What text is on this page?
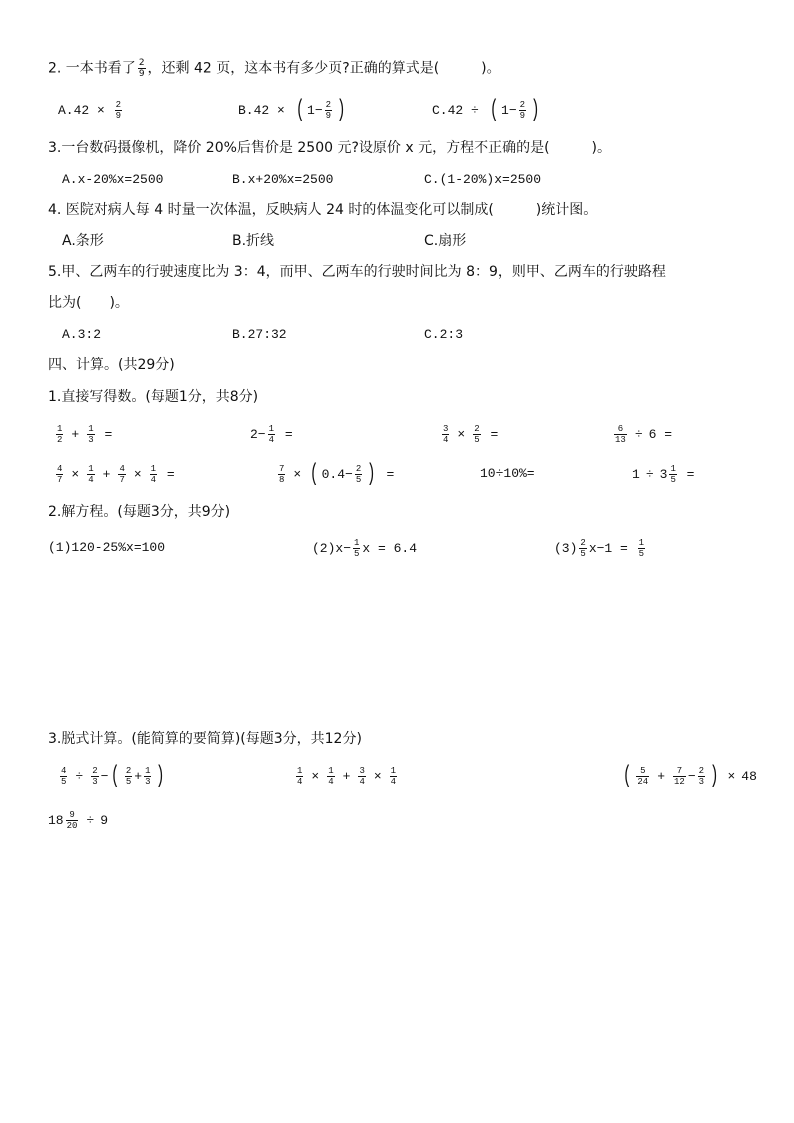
2. 一本书看了 $\frac{2}{9}$ ，还剩 42 页，这本书有多少页?正确的算式是(　　　)。
$A.42 \times \frac{2}{9}$	B.42 × ( $1- \frac{2}{9}$ )	C.42 ÷ ( $1- \frac{2}{9}$ )
3.一台数码摄像机，降价 20%后售价是 2500 元?设原价 x 元，方程不正确的是(　　　)。
A.x-20%x=2500	B.x+20%x=2500	C.(1-20%)x=2500
4. 医院对病人每 4 时量一次体温，反映病人 24 时的体温变化可以制成(　　　)统计图。
A.条形	B.折线	C.扇形
5.甲、乙两车的行驶速度比为 3：4，而甲、乙两车的行驶时间比为 8：9，则甲、乙两车的行驶路程
比为(　　)。
A.3:2	B.27:32	C.2:3
四、计算。(共29分)
1.直接写得数。(每题1分，共8分)
$\frac{1}{2} + \frac{1}{3}$ =	$2- \frac{1}{4}$ =	$\frac{3}{4} \times \frac{2}{5}$ =	$\frac{6}{13} \div 6$ =
$\frac{4}{7} \times \frac{1}{4} + \frac{4}{7} \times \frac{1}{4}$ =	$\frac{7}{8}$ × ( $0.4- \frac{2}{5}$ ) =	10÷10%=	$1 \div 3 \frac{1}{5}$ =
2.解方程。(每题3分，共9分)
(1)120-25%x=100	$(2)x- \frac{1}{5}$ x = 6.4	$(3) \frac{2}{5} x-1 = \frac{1}{5}$
3.脱式计算。(能简算的要简算)(每题3分，共12分)
$\frac{4}{5} \div \frac{2}{3}$ − ( $\frac{2}{5} + \frac{1}{3}$ )	$\frac{1}{4} \times \frac{1}{4} + \frac{3}{4} \times \frac{1}{4}$	( $\frac{5}{24} + \frac{7}{12} - \frac{2}{3}$ ) × 48
$18 \frac{9}{20} \div 9$
